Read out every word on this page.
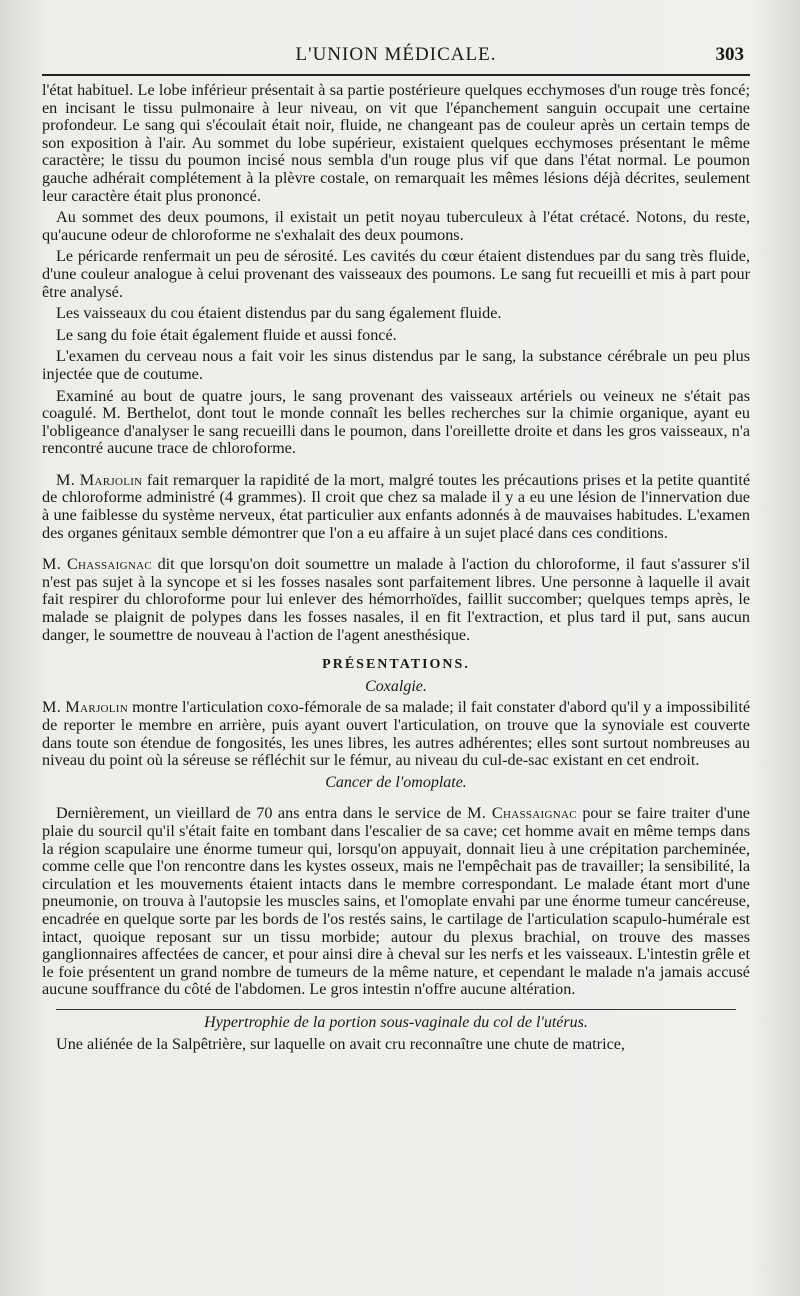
L'UNION MÉDICALE.	303

l'état habituel. Le lobe inférieur présentait à sa partie postérieure quelques ecchymoses d'un rouge très foncé; en incisant le tissu pulmonaire à leur niveau, on vit que l'épanchement sanguin occupait une certaine profondeur. Le sang qui s'écoulait était noir, fluide, ne changeant pas de couleur après un certain temps de son exposition à l'air. Au sommet du lobe supérieur, existaient quelques ecchymoses présentant le même caractère; le tissu du poumon incisé nous sembla d'un rouge plus vif que dans l'état normal. Le poumon gauche adhérait complétement à la plèvre costale, on remarquait les mêmes lésions déjà décrites, seulement leur caractère était plus prononcé.

Au sommet des deux poumons, il existait un petit noyau tuberculeux à l'état crétacé. Notons, du reste, qu'aucune odeur de chloroforme ne s'exhalait des deux poumons.

Le péricarde renfermait un peu de sérosité. Les cavités du cœur étaient distendues par du sang très fluide, d'une couleur analogue à celui provenant des vaisseaux des poumons. Le sang fut recueilli et mis à part pour être analysé.

Les vaisseaux du cou étaient distendus par du sang également fluide.

Le sang du foie était également fluide et aussi foncé.

L'examen du cerveau nous a fait voir les sinus distendus par le sang, la substance cérébrale un peu plus injectée que de coutume.

Examiné au bout de quatre jours, le sang provenant des vaisseaux artériels ou veineux ne s'était pas coagulé. M. Berthelot, dont tout le monde connaît les belles recherches sur la chimie organique, ayant eu l'obligeance d'analyser le sang recueilli dans le poumon, dans l'oreillette droite et dans les gros vaisseaux, n'a rencontré aucune trace de chloroforme.

M. Marjolin fait remarquer la rapidité de la mort, malgré toutes les précautions prises et la petite quantité de chloroforme administré (4 grammes). Il croit que chez sa malade il y a eu une lésion de l'innervation due à une faiblesse du système nerveux, état particulier aux enfants adonnés à de mauvaises habitudes. L'examen des organes génitaux semble démontrer que l'on a eu affaire à un sujet placé dans ces conditions.

M. Chassaignac dit que lorsqu'on doit soumettre un malade à l'action du chloroforme, il faut s'assurer s'il n'est pas sujet à la syncope et si les fosses nasales sont parfaitement libres. Une personne à laquelle il avait fait respirer du chloroforme pour lui enlever des hémorrhoïdes, faillit succomber; quelques temps après, le malade se plaignit de polypes dans les fosses nasales, il en fit l'extraction, et plus tard il put, sans aucun danger, le soumettre de nouveau à l'action de l'agent anesthésique.

PRÉSENTATIONS.
Coxalgie.

M. Marjolin montre l'articulation coxo-fémorale de sa malade; il fait constater d'abord qu'il y a impossibilité de reporter le membre en arrière, puis ayant ouvert l'articulation, on trouve que la synoviale est couverte dans toute son étendue de fongosités, les unes libres, les autres adhérentes; elles sont surtout nombreuses au niveau du point où la séreuse se réfléchit sur le fémur, au niveau du cul-de-sac existant en cet endroit.

Cancer de l'omoplate.

Dernièrement, un vieillard de 70 ans entra dans le service de M. Chassaignac pour se faire traiter d'une plaie du sourcil qu'il s'était faite en tombant dans l'escalier de sa cave; cet homme avait en même temps dans la région scapulaire une énorme tumeur qui, lorsqu'on appuyait, donnait lieu à une crépitation parcheminée, comme celle que l'on rencontre dans les kystes osseux, mais ne l'empêchait pas de travailler; la sensibilité, la circulation et les mouvements étaient intacts dans le membre correspondant. Le malade étant mort d'une pneumonie, on trouva à l'autopsie les muscles sains, et l'omoplate envahi par une énorme tumeur cancéreuse, encadrée en quelque sorte par les bords de l'os restés sains, le cartilage de l'articulation scapulo-humérale est intact, quoique reposant sur un tissu morbide; autour du plexus brachial, on trouve des masses ganglionnaires affectées de cancer, et pour ainsi dire à cheval sur les nerfs et les vaisseaux. L'intestin grêle et le foie présentent un grand nombre de tumeurs de la même nature, et cependant le malade n'a jamais accusé aucune souffrance du côté de l'abdomen. Le gros intestin n'offre aucune altération.

Hypertrophie de la portion sous-vaginale du col de l'utérus.

Une aliénée de la Salpêtrière, sur laquelle on avait cru reconnaître une chute de matrice,
